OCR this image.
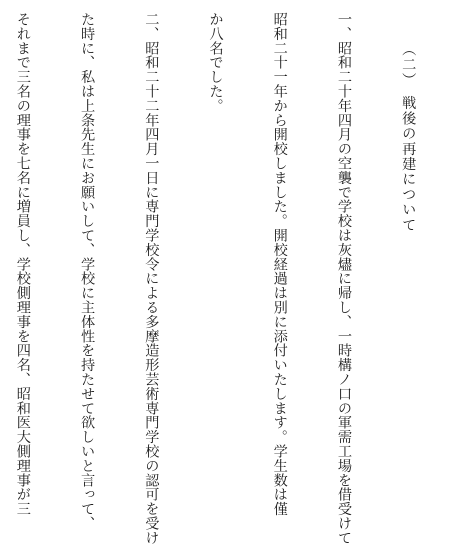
（二）　戦後の再建について

一、昭和二十年四月の空襲で学校は灰燼に帰し、一時構ノ口の軍需工場を借受けて

昭和二十一年から開校しました。開校経過は別に添付いたします。学生数は僅

か八名でした。

二、昭和二十二年四月一日に専門学校令による多摩造形芸術専門学校の認可を受け

た時に、私は上条先生にお願いして、学校に主体性を持たせて欲しいと言って、

それまで三名の理事を七名に増員し、学校側理事を四名、昭和医大側理事が三
